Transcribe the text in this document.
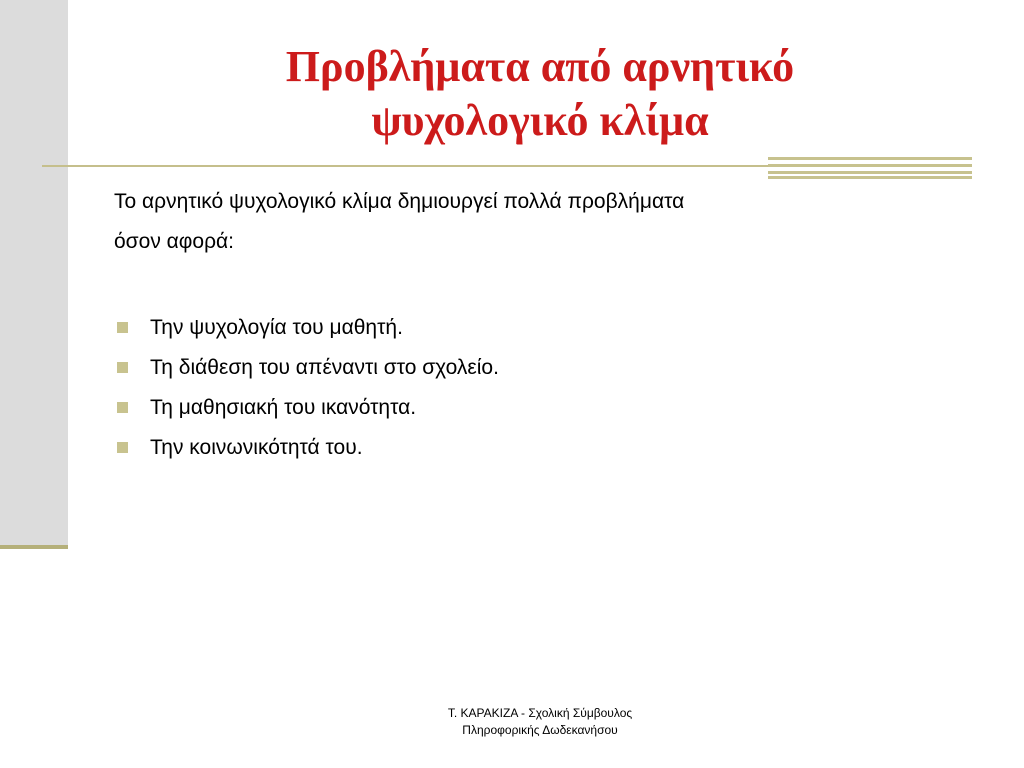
Προβλήματα από αρνητικό
ψυχολογικό κλίμα

Το αρνητικό ψυχολογικό κλίμα δημιουργεί πολλά προβλήματα

όσον αφορά:

Την ψυχολογία του μαθητή.
Τη διάθεση του απέναντι στο σχολείο.
Τη μαθησιακή του ικανότητα.
Την κοινωνικότητά του.
Τ. ΚΑΡΑΚΙΖΑ - Σχολική Σύμβουλος
Πληροφορικής Δωδεκανήσου
